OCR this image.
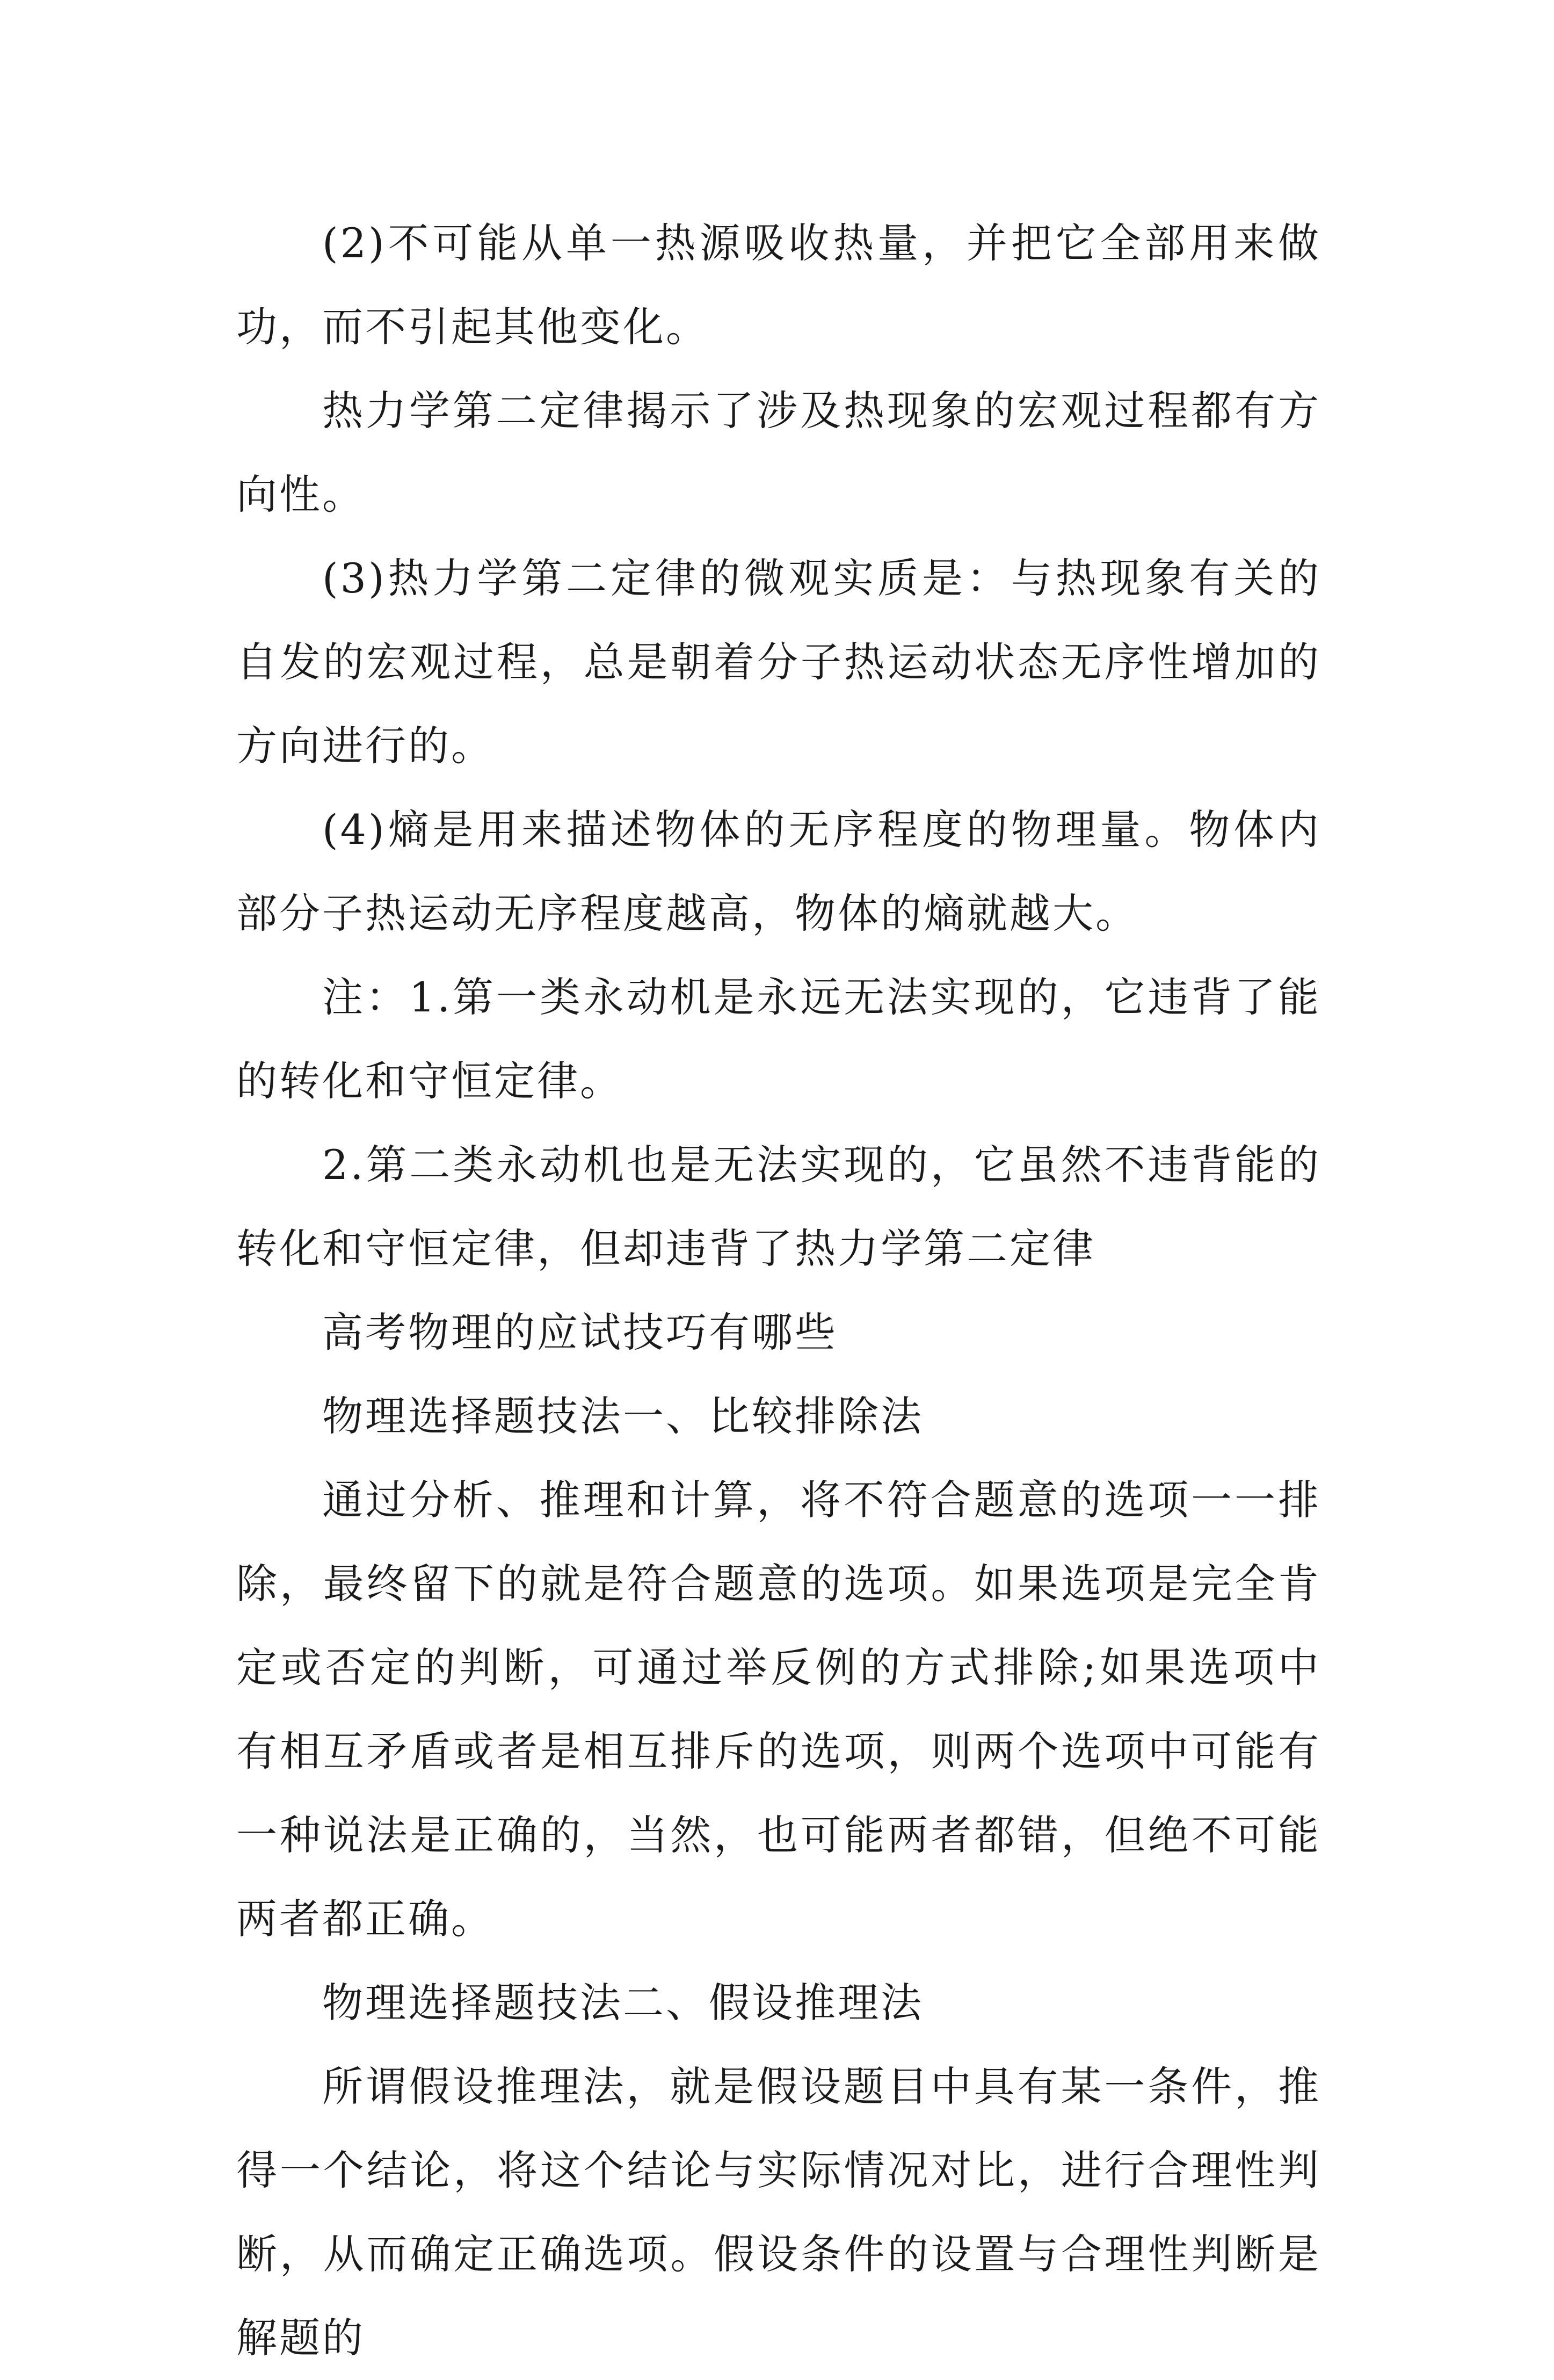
(2)不可能从单一热源吸收热量，并把它全部用来做功，而不引起其他变化。

热力学第二定律揭示了涉及热现象的宏观过程都有方向性。

(3)热力学第二定律的微观实质是：与热现象有关的自发的宏观过程，总是朝着分子热运动状态无序性增加的方向进行的。

(4)熵是用来描述物体的无序程度的物理量。物体内部分子热运动无序程度越高，物体的熵就越大。

注：1.第一类永动机是永远无法实现的，它违背了能的转化和守恒定律。

2.第二类永动机也是无法实现的，它虽然不违背能的转化和守恒定律，但却违背了热力学第二定律

高考物理的应试技巧有哪些

物理选择题技法一、比较排除法

通过分析、推理和计算，将不符合题意的选项一一排除，最终留下的就是符合题意的选项。如果选项是完全肯定或否定的判断，可通过举反例的方式排除;如果选项中有相互矛盾或者是相互排斥的选项，则两个选项中可能有一种说法是正确的，当然，也可能两者都错，但绝不可能两者都正确。

物理选择题技法二、假设推理法

所谓假设推理法，就是假设题目中具有某一条件，推得一个结论，将这个结论与实际情况对比，进行合理性判断，从而确定正确选项。假设条件的设置与合理性判断是解题的
